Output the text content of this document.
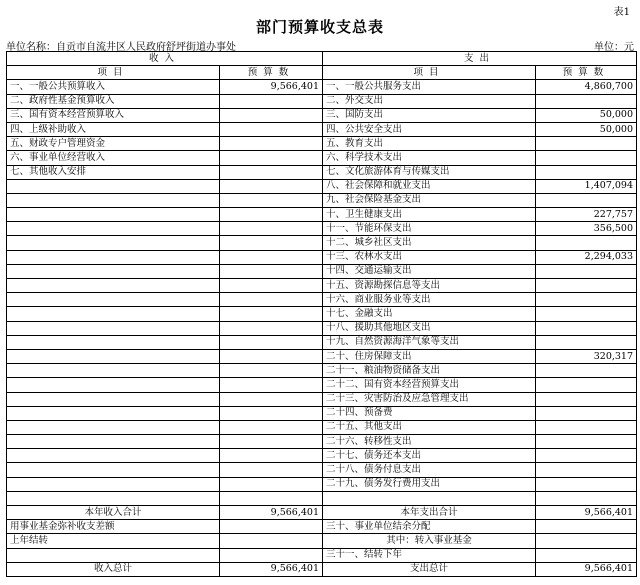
表1
部门预算收支总表
单位名称：自贡市自流井区人民政府舒坪街道办事处	单位：元
收入		支出	
项目	预算数	项目	预算数
一、一般公共预算收入	9,566,401	一、一般公共服务支出	4,860,700
二、政府性基金预算收入		二、外交支出	
三、国有资本经营预算收入		三、国防支出	50,000
四、上级补助收入		四、公共安全支出	50,000
五、财政专户管理资金		五、教育支出	
六、事业单位经营收入		六、科学技术支出	
七、其他收入安排		七、文化旅游体育与传媒支出	
		八、社会保障和就业支出	1,407,094
		九、社会保险基金支出	
		十、卫生健康支出	227,757
		十一、节能环保支出	356,500
		十二、城乡社区支出	
		十三、农林水支出	2,294,033
		十四、交通运输支出	
		十五、资源勘探信息等支出	
		十六、商业服务业等支出	
		十七、金融支出	
		十八、援助其他地区支出	
		十九、自然资源海洋气象等支出	
		二十、住房保障支出	320,317
		二十一、粮油物资储备支出	
		二十二、国有资本经营预算支出	
		二十三、灾害防治及应急管理支出	
		二十四、预备费	
		二十五、其他支出	
		二十六、转移性支出	
		二十七、债务还本支出	
		二十八、债务付息支出	
		二十九、债务发行费用支出	

本年收入合计	9,566,401	本年支出合计	9,566,401
用事业基金弥补收支差额		三十、事业单位结余分配	
上年结转		其中：转入事业基金	
		三十一、结转下年	
收入总计	9,566,401	支出总计	9,566,401
